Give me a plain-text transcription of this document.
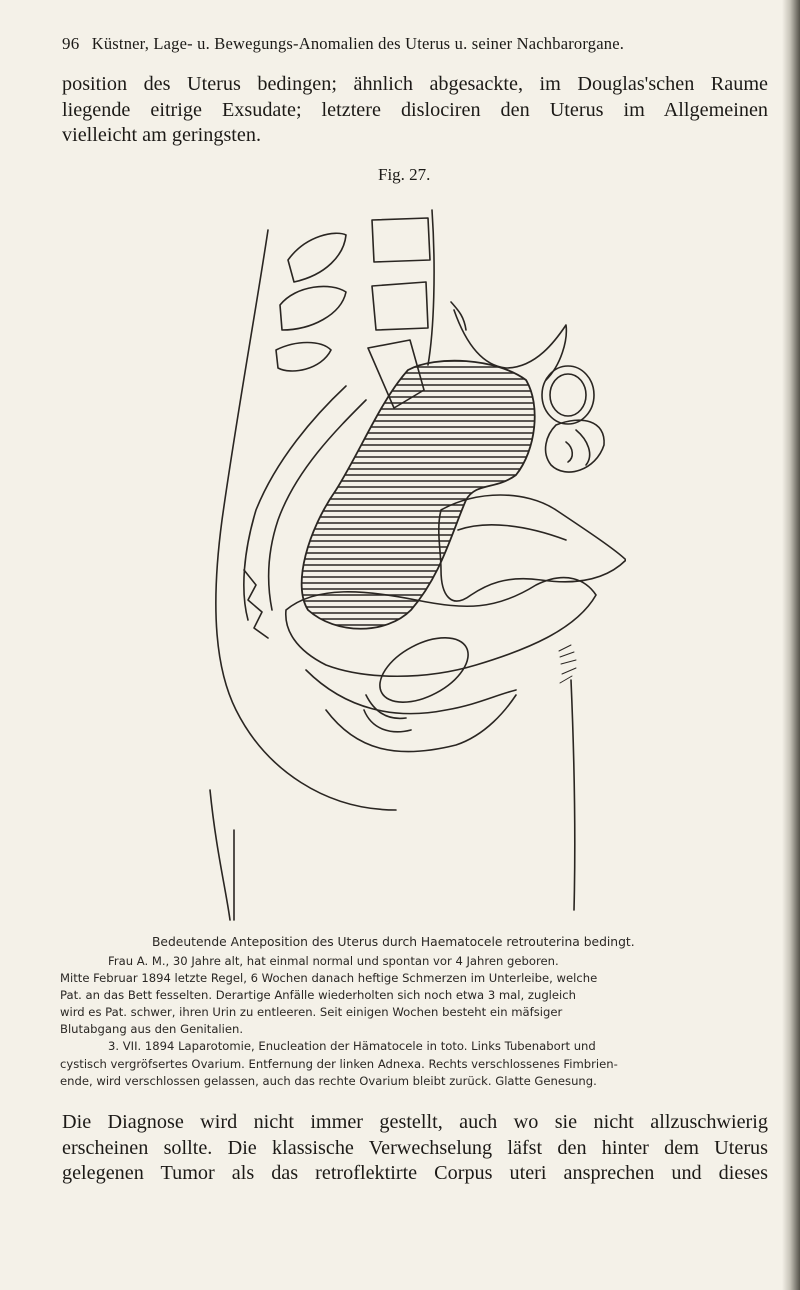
96 Küstner, Lage- u. Bewegungs-Anomalien des Uterus u. seiner Nachbarorgane.
position des Uterus bedingen; ähnlich abgesackte, im Douglas'schen Raume
liegende eitrige Exsudate; letztere dislociren den Uterus im Allgemeinen
vielleicht am geringsten.
Fig. 27.
Bedeutende Anteposition des Uterus durch Haematocele retrouterina bedingt.
Frau A. M., 30 Jahre alt, hat einmal normal und spontan vor 4 Jahren geboren.
Mitte Februar 1894 letzte Regel, 6 Wochen danach heftige Schmerzen im Unterleibe, welche
Pat. an das Bett fesselten. Derartige Anfälle wiederholten sich noch etwa 3 mal, zugleich
wird es Pat. schwer, ihren Urin zu entleeren. Seit einigen Wochen besteht ein mäfsiger
Blutabgang aus den Genitalien.
3. VII. 1894 Laparotomie, Enucleation der Hämatocele in toto. Links Tubenabort und
cystisch vergröfsertes Ovarium. Entfernung der linken Adnexa. Rechts verschlossenes Fimbrien-
ende, wird verschlossen gelassen, auch das rechte Ovarium bleibt zurück. Glatte Genesung.
Die Diagnose wird nicht immer gestellt, auch wo sie nicht allzuschwierig
erscheinen sollte. Die klassische Verwechselung läfst den hinter dem Uterus
gelegenen Tumor als das retroflektirte Corpus uteri ansprechen und dieses
